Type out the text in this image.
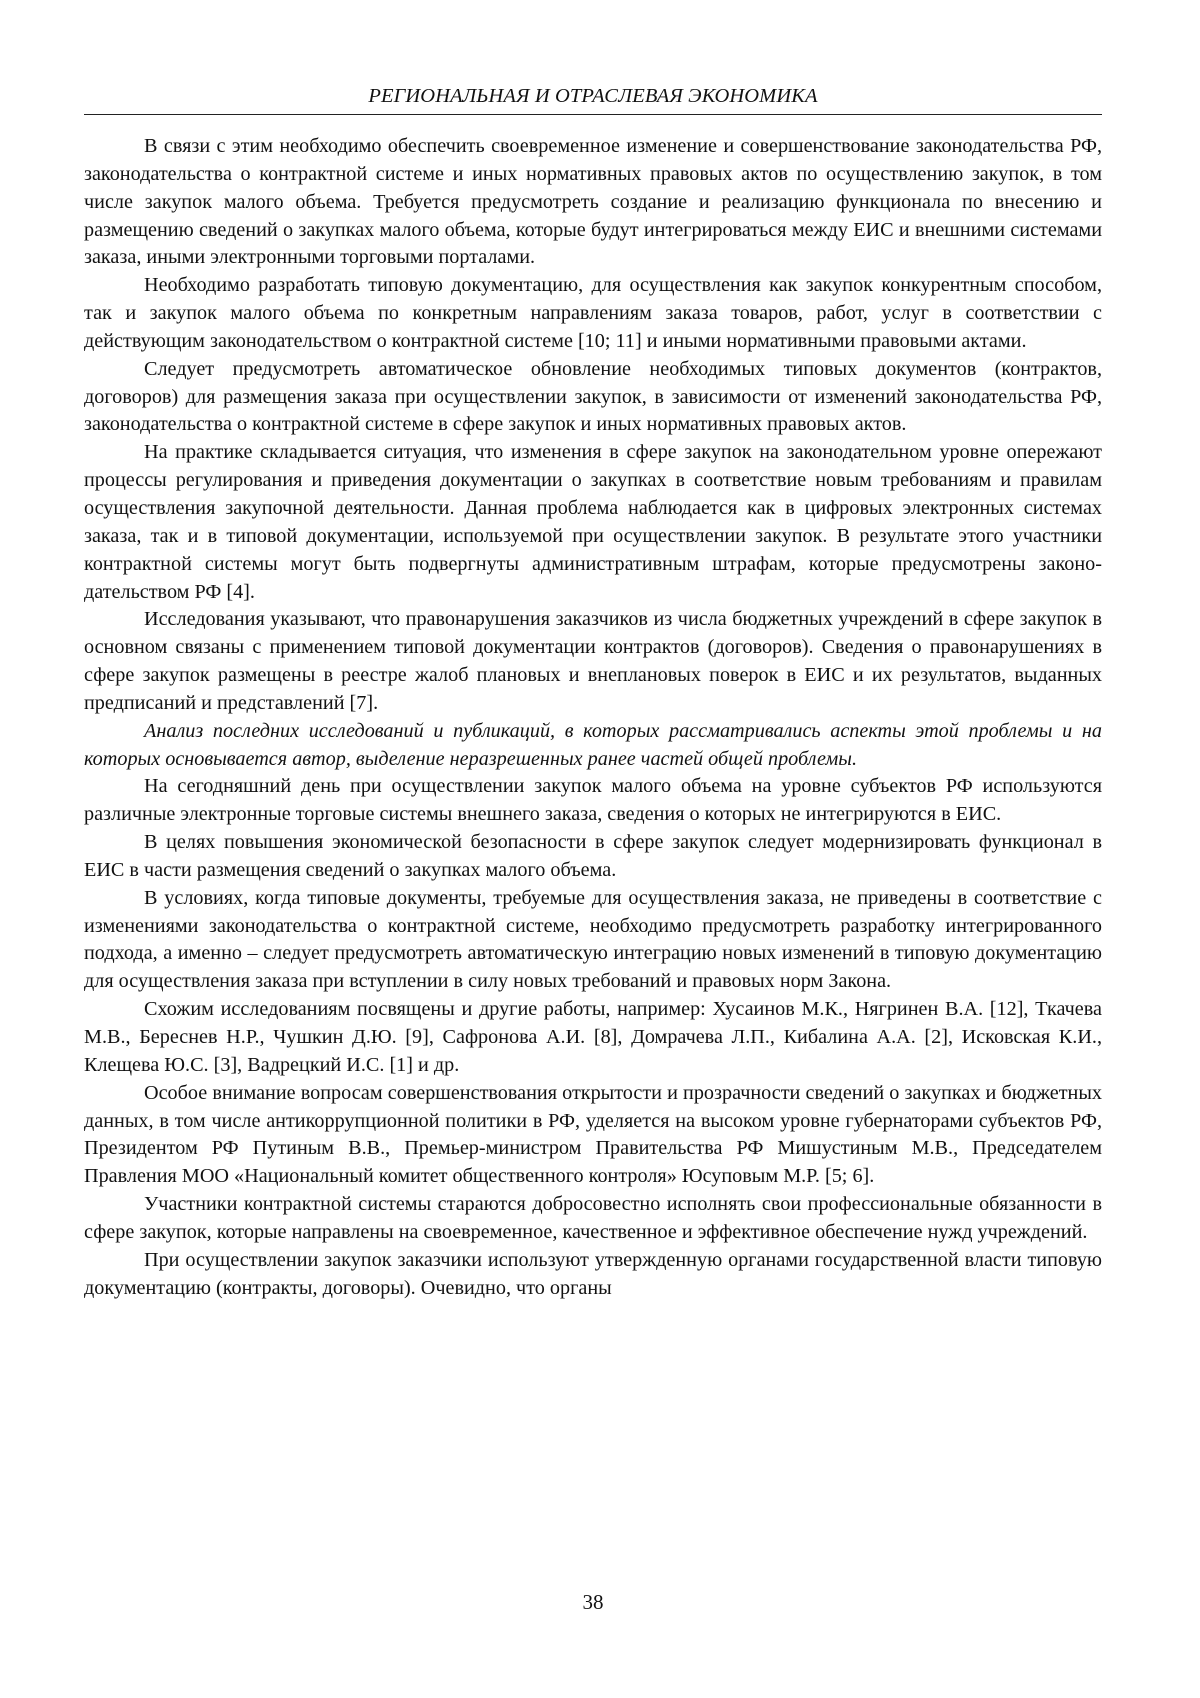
РЕГИОНАЛЬНАЯ И ОТРАСЛЕВАЯ ЭКОНОМИКА

В связи с этим необходимо обеспечить своевременное изменение и совершенствование законодательства РФ, законодательства о контрактной системе и иных нормативных правовых актов по осуществлению закупок, в том числе закупок малого объема. Требуется предусмотреть создание и реализацию функционала по внесению и размещению сведений о закупках малого объема, которые будут интегрироваться между ЕИС и внешними системами заказа, иными электронными торговыми порталами.

Необходимо разработать типовую документацию, для осуществления как закупок конкурентным способом, так и закупок малого объема по конкретным направлениям заказа товаров, работ, услуг в соответствии с действующим законодательством о контрактной системе [10; 11] и иными нормативными правовыми актами.

Следует предусмотреть автоматическое обновление необходимых типовых документов (контрактов, договоров) для размещения заказа при осуществлении закупок, в зависимости от изменений законодательства РФ, законодательства о контрактной системе в сфере закупок и иных нормативных правовых актов.

На практике складывается ситуация, что изменения в сфере закупок на законодательном уровне опережают процессы регулирования и приведения документации о закупках в соответствие новым требованиям и правилам осуществления закупочной деятельности. Данная проблема наблюдается как в цифровых электронных системах заказа, так и в типовой документации, используемой при осуществлении закупок. В результате этого участники контрактной системы могут быть подвергнуты административным штрафам, которые предусмотрены законодательством РФ [4].

Исследования указывают, что правонарушения заказчиков из числа бюджетных учреждений в сфере закупок в основном связаны с применением типовой документации контрактов (договоров). Сведения о правонарушениях в сфере закупок размещены в реестре жалоб плановых и внеплановых поверок в ЕИС и их результатов, выданных предписаний и представлений [7].

Анализ последних исследований и публикаций, в которых рассматривались аспекты этой проблемы и на которых основывается автор, выделение неразрешенных ранее частей общей проблемы.

На сегодняшний день при осуществлении закупок малого объема на уровне субъектов РФ используются различные электронные торговые системы внешнего заказа, сведения о которых не интегрируются в ЕИС.

В целях повышения экономической безопасности в сфере закупок следует модернизировать функционал в ЕИС в части размещения сведений о закупках малого объема.

В условиях, когда типовые документы, требуемые для осуществления заказа, не приведены в соответствие с изменениями законодательства о контрактной системе, необходимо предусмотреть разработку интегрированного подхода, а именно – следует предусмотреть автоматическую интеграцию новых изменений в типовую документацию для осуществления заказа при вступлении в силу новых требований и правовых норм Закона.

Схожим исследованиям посвящены и другие работы, например: Хусаинов М.К., Нягринен В.А. [12], Ткачева М.В., Береснев Н.Р., Чушкин Д.Ю. [9], Сафронова А.И. [8], Домрачева Л.П., Кибалина А.А. [2], Исковская К.И., Клещева Ю.С. [3], Вадрецкий И.С. [1] и др.

Особое внимание вопросам совершенствования открытости и прозрачности сведений о закупках и бюджетных данных, в том числе антикоррупционной политики в РФ, уделяется на высоком уровне губернаторами субъектов РФ, Президентом РФ Путиным В.В., Премьер-министром Правительства РФ Мишустиным М.В., Председателем Правления МОО «Национальный комитет общественного контроля» Юсуповым М.Р. [5; 6].

Участники контрактной системы стараются добросовестно исполнять свои профессиональные обязанности в сфере закупок, которые направлены на своевременное, качественное и эффективное обеспечение нужд учреждений.

При осуществлении закупок заказчики используют утвержденную органами государственной власти типовую документацию (контракты, договоры). Очевидно, что органы

38
